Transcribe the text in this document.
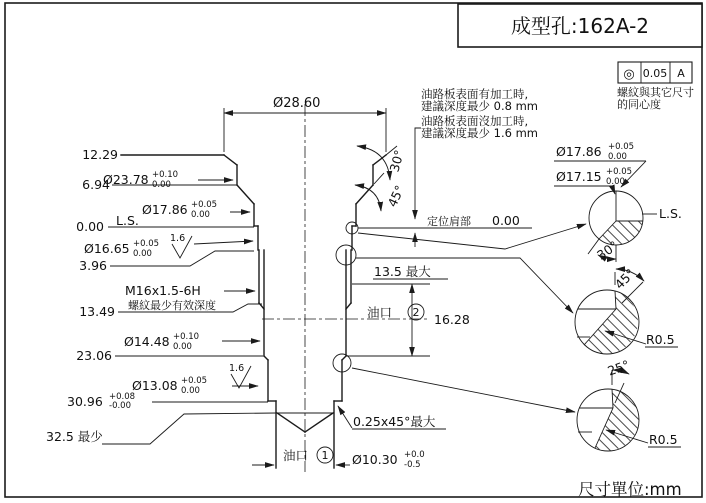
成型孔:162A-2
尺寸單位:mm
◎ 0.05 A
螺紋與其它尺寸
的同心度
油路板表面有加工時,
建議深度最少 0.8 mm
油路板表面沒加工時,
建議深度最少 1.6 mm
Ø28.60
30°
45°
12.29
6.94
0.00 L.S.
3.96
13.49 螺紋最少有效深度
23.06
30.96 +0.08
-0.00
32.5 最少
Ø23.78 +0.10
0.00
Ø17.86 +0.05
0.00
Ø16.65 +0.05
0.00
M16x1.5-6H
Ø14.48 +0.10
0.00
Ø13.08 +0.05
0.00
1.6
1.6
定位肩部 0.00
13.5 最大
油口 2 16.28
0.25x45°最大
油口 1 Ø10.30 +0.0
-0.5
Ø17.86 +0.05
0.00
Ø17.15 +0.05
0.00
L.S.
30°
45°
R0.5
25°
R0.5
